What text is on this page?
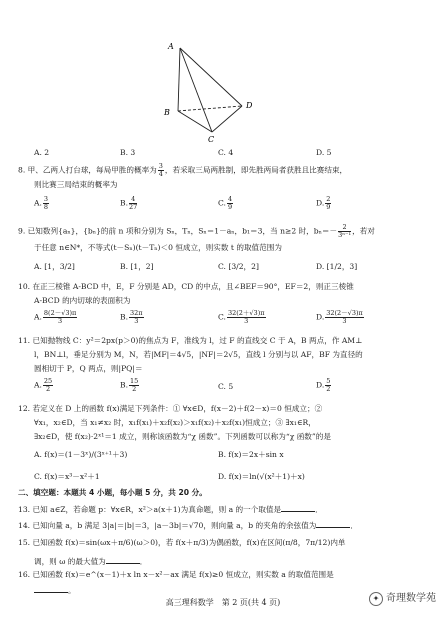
A
B
C
D
A. 2	B. 3	C. 4	D. 5
8. 甲、乙两人打台球，每局甲胜的概率为 $\frac{3}{4}$ ，若采取三局两胜制，即先胜两局者获胜且比赛结束，
则比赛三局结束的概率为
A. $\frac{3}{8}$	B. $\frac{4}{27}$	C. $\frac{4}{9}$	D. $\frac{2}{9}$
9. 已知数列{aₙ}，{bₙ}的前 n 项和分别为 Sₙ，Tₙ，Sₙ＝1－aₙ，b₁＝3，当 n≥2 时，$b_n=- \frac{2}{\text{3ⁿ⁻¹}}$ ，若对
于任意 n∈N*，不等式(t－Sₙ)(t－Tₙ)＜0 恒成立，则实数 t 的取值范围为
A. [1，3/2]	B. [1，2]	C. [3/2，2]	D. [1/2，3]
10. 在正三棱锥 A-BCD 中，E，F 分别是 AD，CD 的中点，且∠BEF＝90°，EF＝2，则正三棱锥
A-BCD 的内切球的表面积为
A. $\frac{8(2-√3)\pi}{3}$	B. $\frac{32\pi}{3}$	C. $\frac{32(2+√3)\pi}{3}$	D. $\frac{32(2-√3)\pi}{3}$
11. 已知抛物线 C：y²＝2px(p＞0)的焦点为 F，准线为 l，过 F 的直线交 C 于 A，B 两点，作 AM⊥
l，BN⊥l，垂足分别为 M，N，若|MF|＝4√5，|NF|＝2√5，直线 l 分别与以 AF，BF 为直径的
圆相切于 P，Q 两点，则|PQ|＝
A. $\frac{25}{2}$	B. $\frac{15}{2}$	C. 5	D. $\frac{5}{2}$
12. 若定义在 D 上的函数 f(x)满足下列条件：① ∀x∈D，f(x－2)＋f(2－x)＝0 恒成立；②
∀x₁，x₂∈D，当 x₁≠x₂ 时，x₁f(x₁)＋x₂f(x₂)＞x₁f(x₂)＋x₂f(x₁)恒成立；③ ∃x₁∈R，
∃x₂∈D，使 f(x₂)·2ˣ¹＝1 成立，则称该函数为“χ 函数”。下列函数可以称为“χ 函数”的是
A. f(x)＝(1－3ˣ)/(3ˣ⁺¹＋3)	B. f(x)＝2x＋sin x
C. f(x)＝x³－x²＋1	D. f(x)＝ln(√(x²＋1)＋x)
二、填空题：本题共 4 小题，每小题 5 分，共 20 分。
13. 已知 a∈Z，若命题 p：∀x∈R，x²＞a(x＋1)为真命题，则 a 的一个取值是	．
14. 已知向量 a，b 满足 3|a|＝|b|＝3，|a－3b|＝√70，则向量 a，b 的夹角的余弦值为	．
15. 已知函数 f(x)＝sin(ωx＋π/6)(ω＞0)，若 f(x＋π/3)为偶函数，f(x)在区间(π/8，7π/12)内单
调，则 ω 的最大值为	．
16. 已知函数 f(x)＝e^(x－1)＋x ln x－x²－ax 满足 f(x)≥0 恒成立，则实数 a 的取值范围是
。
高三理科数学　第 2 页(共 4 页)	✦ 奇理数学苑
